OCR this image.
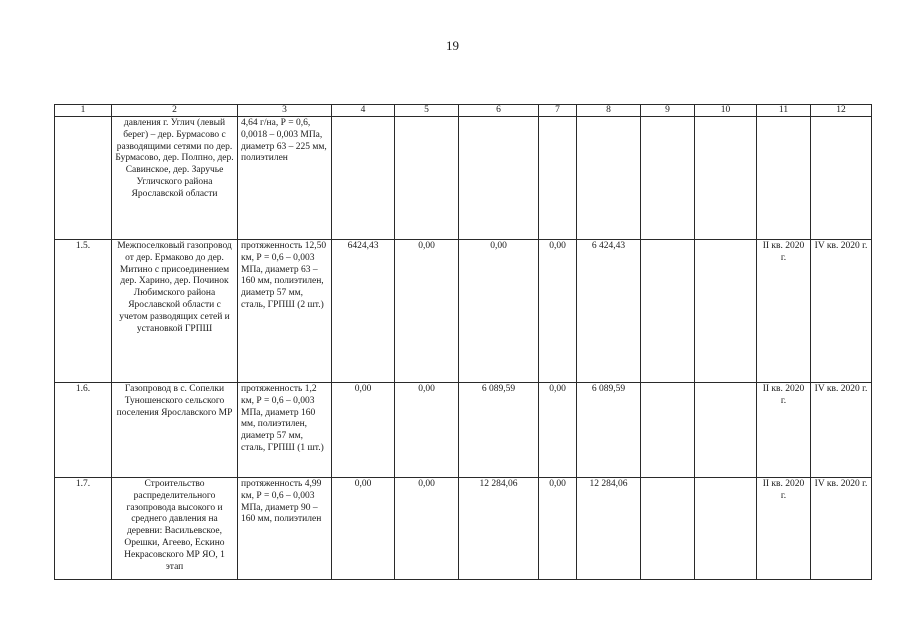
19
1	2	3	4	5	6	7	8	9	10	11	12
	давления г. Углич (левый берег) – дер. Бурмасово с разводящими сетями по дер. Бурмасово, дер. Полпно, дер. Савинское, дер. Заручье Угличского района Ярославской области	4,64 г/на, Р = 0,6, 0,0018 – 0,003 МПа, диаметр 63 – 225 мм, полиэтилен									
1.5.	Межпоселковый газопровод от дер. Ермаково до дер. Митино с присоединением дер. Харино, дер. Починок Любимского района Ярославской области с учетом разводящих сетей и установкой ГРПШ	протяженность 12,50 км, Р = 0,6 – 0,003 МПа, диаметр 63 – 160 мм, полиэтилен, диаметр 57 мм, сталь, ГРПШ (2 шт.)	6424,43	0,00	0,00	0,00	6 424,43			II кв. 2020 г.	IV кв. 2020 г.
1.6.	Газопровод в с. Сопелки Туношенского сельского поселения Ярославского МР	протяженность 1,2 км, Р = 0,6 – 0,003 МПа, диаметр 160 мм, полиэтилен, диаметр 57 мм, сталь, ГРПШ (1 шт.)	0,00	0,00	6 089,59	0,00	6 089,59			II кв. 2020 г.	IV кв. 2020 г.
1.7.	Строительство распределительного газопровода высокого и среднего давления на деревни: Васильевское, Орешки, Агеево, Ескино Некрасовского МР ЯО, 1 этап	протяженность 4,99 км, Р = 0,6 – 0,003 МПа, диаметр 90 – 160 мм, полиэтилен	0,00	0,00	12 284,06	0,00	12 284,06			II кв. 2020 г.	IV кв. 2020 г.
